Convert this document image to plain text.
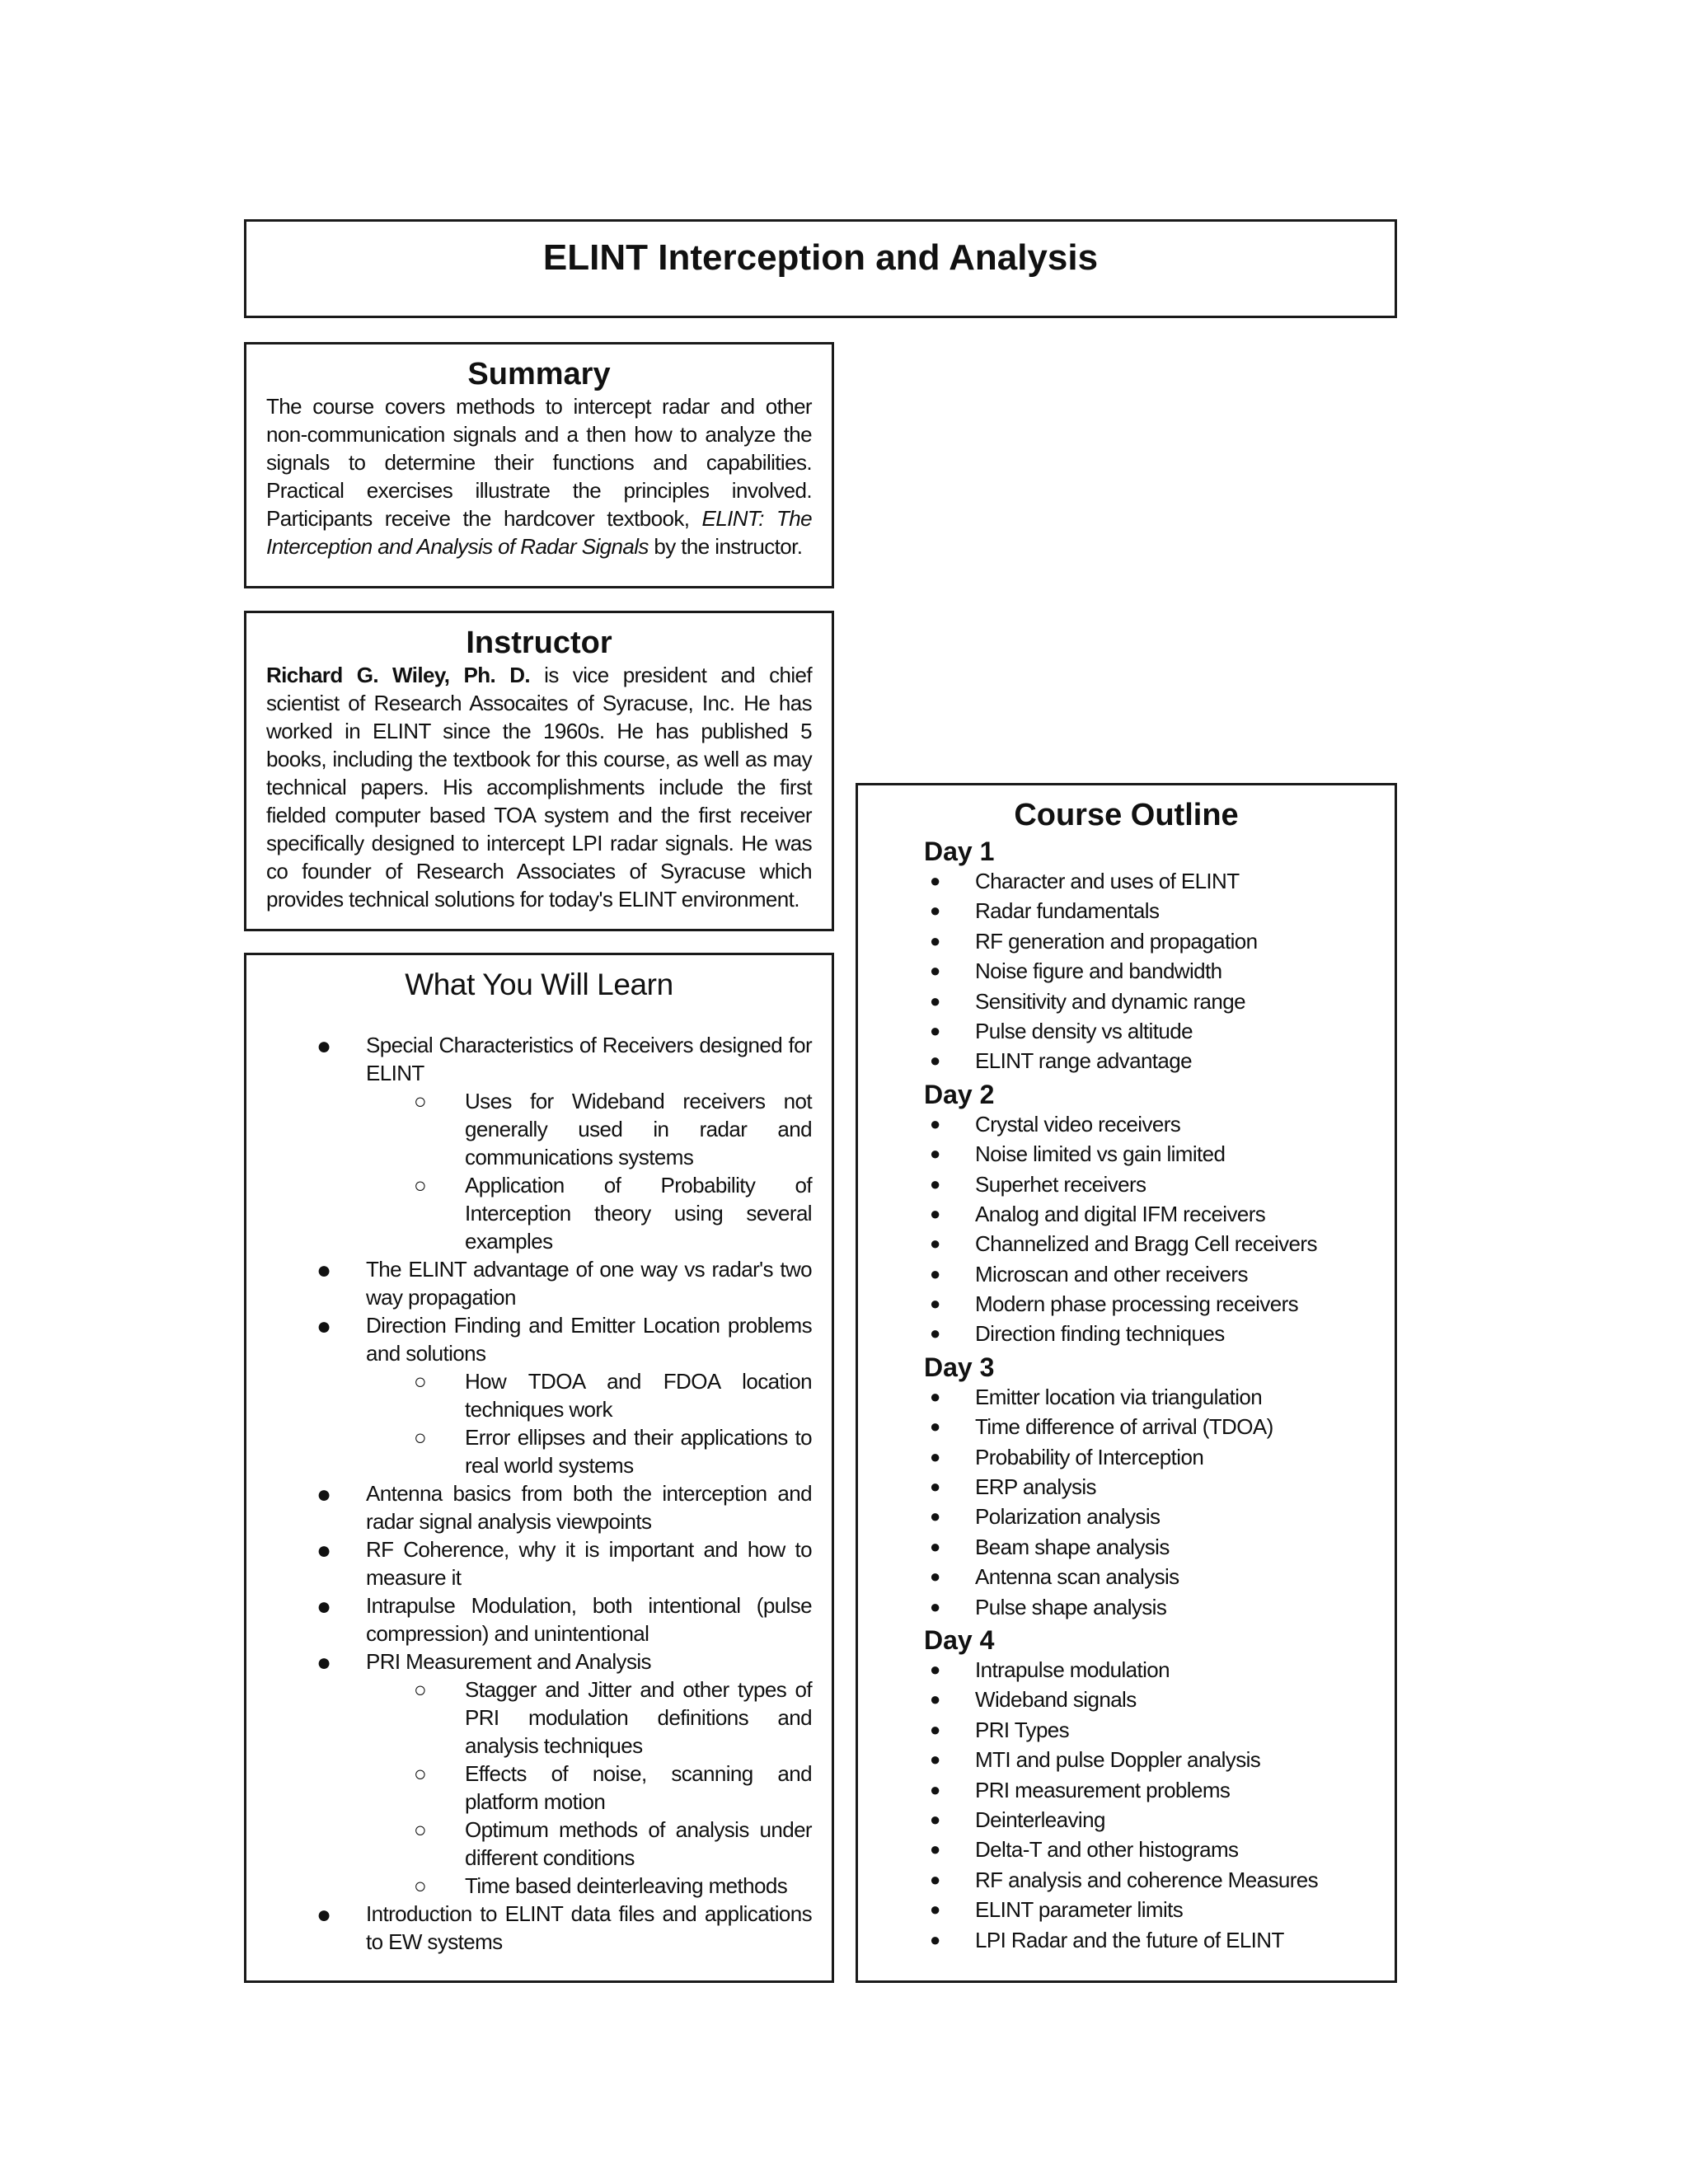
ELINT Interception and Analysis
Summary

The course covers methods to intercept radar and other non-communication signals and a then how to analyze the signals to determine their functions and capabilities. Practical exercises illustrate the principles involved. Participants receive the hardcover textbook, ELINT: The Interception and Analysis of Radar Signals by the instructor.

Instructor

Richard G. Wiley, Ph. D. is vice president and chief scientist of Research Assocaites of Syracuse, Inc. He has worked in ELINT since the 1960s. He has published 5 books, including the textbook for this course, as well as may technical papers. His accomplishments include the first fielded computer based TOA system and the first receiver specifically designed to intercept LPI radar signals. He was co founder of Research Associates of Syracuse which provides technical solutions for today's ELINT environment.

What You Will Learn
● Special Characteristics of Receivers designed for ELINT
○ Uses for Wideband receivers not generally used in radar and communications systems
○ Application of Probability of Interception theory using several examples
● The ELINT advantage of one way vs radar's two way propagation
● Direction Finding and Emitter Location problems and solutions
○ How TDOA and FDOA location techniques work
○ Error ellipses and their applications to real world systems
● Antenna basics from both the interception and radar signal analysis viewpoints
● RF Coherence, why it is important and how to measure it
● Intrapulse Modulation, both intentional (pulse compression) and unintentional
● PRI Measurement and Analysis
○ Stagger and Jitter and other types of PRI modulation definitions and analysis techniques
○ Effects of noise, scanning and platform motion
○ Optimum methods of analysis under different conditions
○ Time based deinterleaving methods
● Introduction to ELINT data files and applications to EW systems
Course Outline
Day 1
● Character and uses of ELINT
● Radar fundamentals
● RF generation and propagation
● Noise figure and bandwidth
● Sensitivity and dynamic range
● Pulse density vs altitude
● ELINT range advantage
Day 2
● Crystal video receivers
● Noise limited vs gain limited
● Superhet receivers
● Analog and digital IFM receivers
● Channelized and Bragg Cell receivers
● Microscan and other receivers
● Modern phase processing receivers
● Direction finding techniques
Day 3
● Emitter location via triangulation
● Time difference of arrival (TDOA)
● Probability of Interception
● ERP analysis
● Polarization analysis
● Beam shape analysis
● Antenna scan analysis
● Pulse shape analysis
Day 4
● Intrapulse modulation
● Wideband signals
● PRI Types
● MTI and pulse Doppler analysis
● PRI measurement problems
● Deinterleaving
● Delta-T and other histograms
● RF analysis and coherence Measures
● ELINT parameter limits
● LPI Radar and the future of ELINT
